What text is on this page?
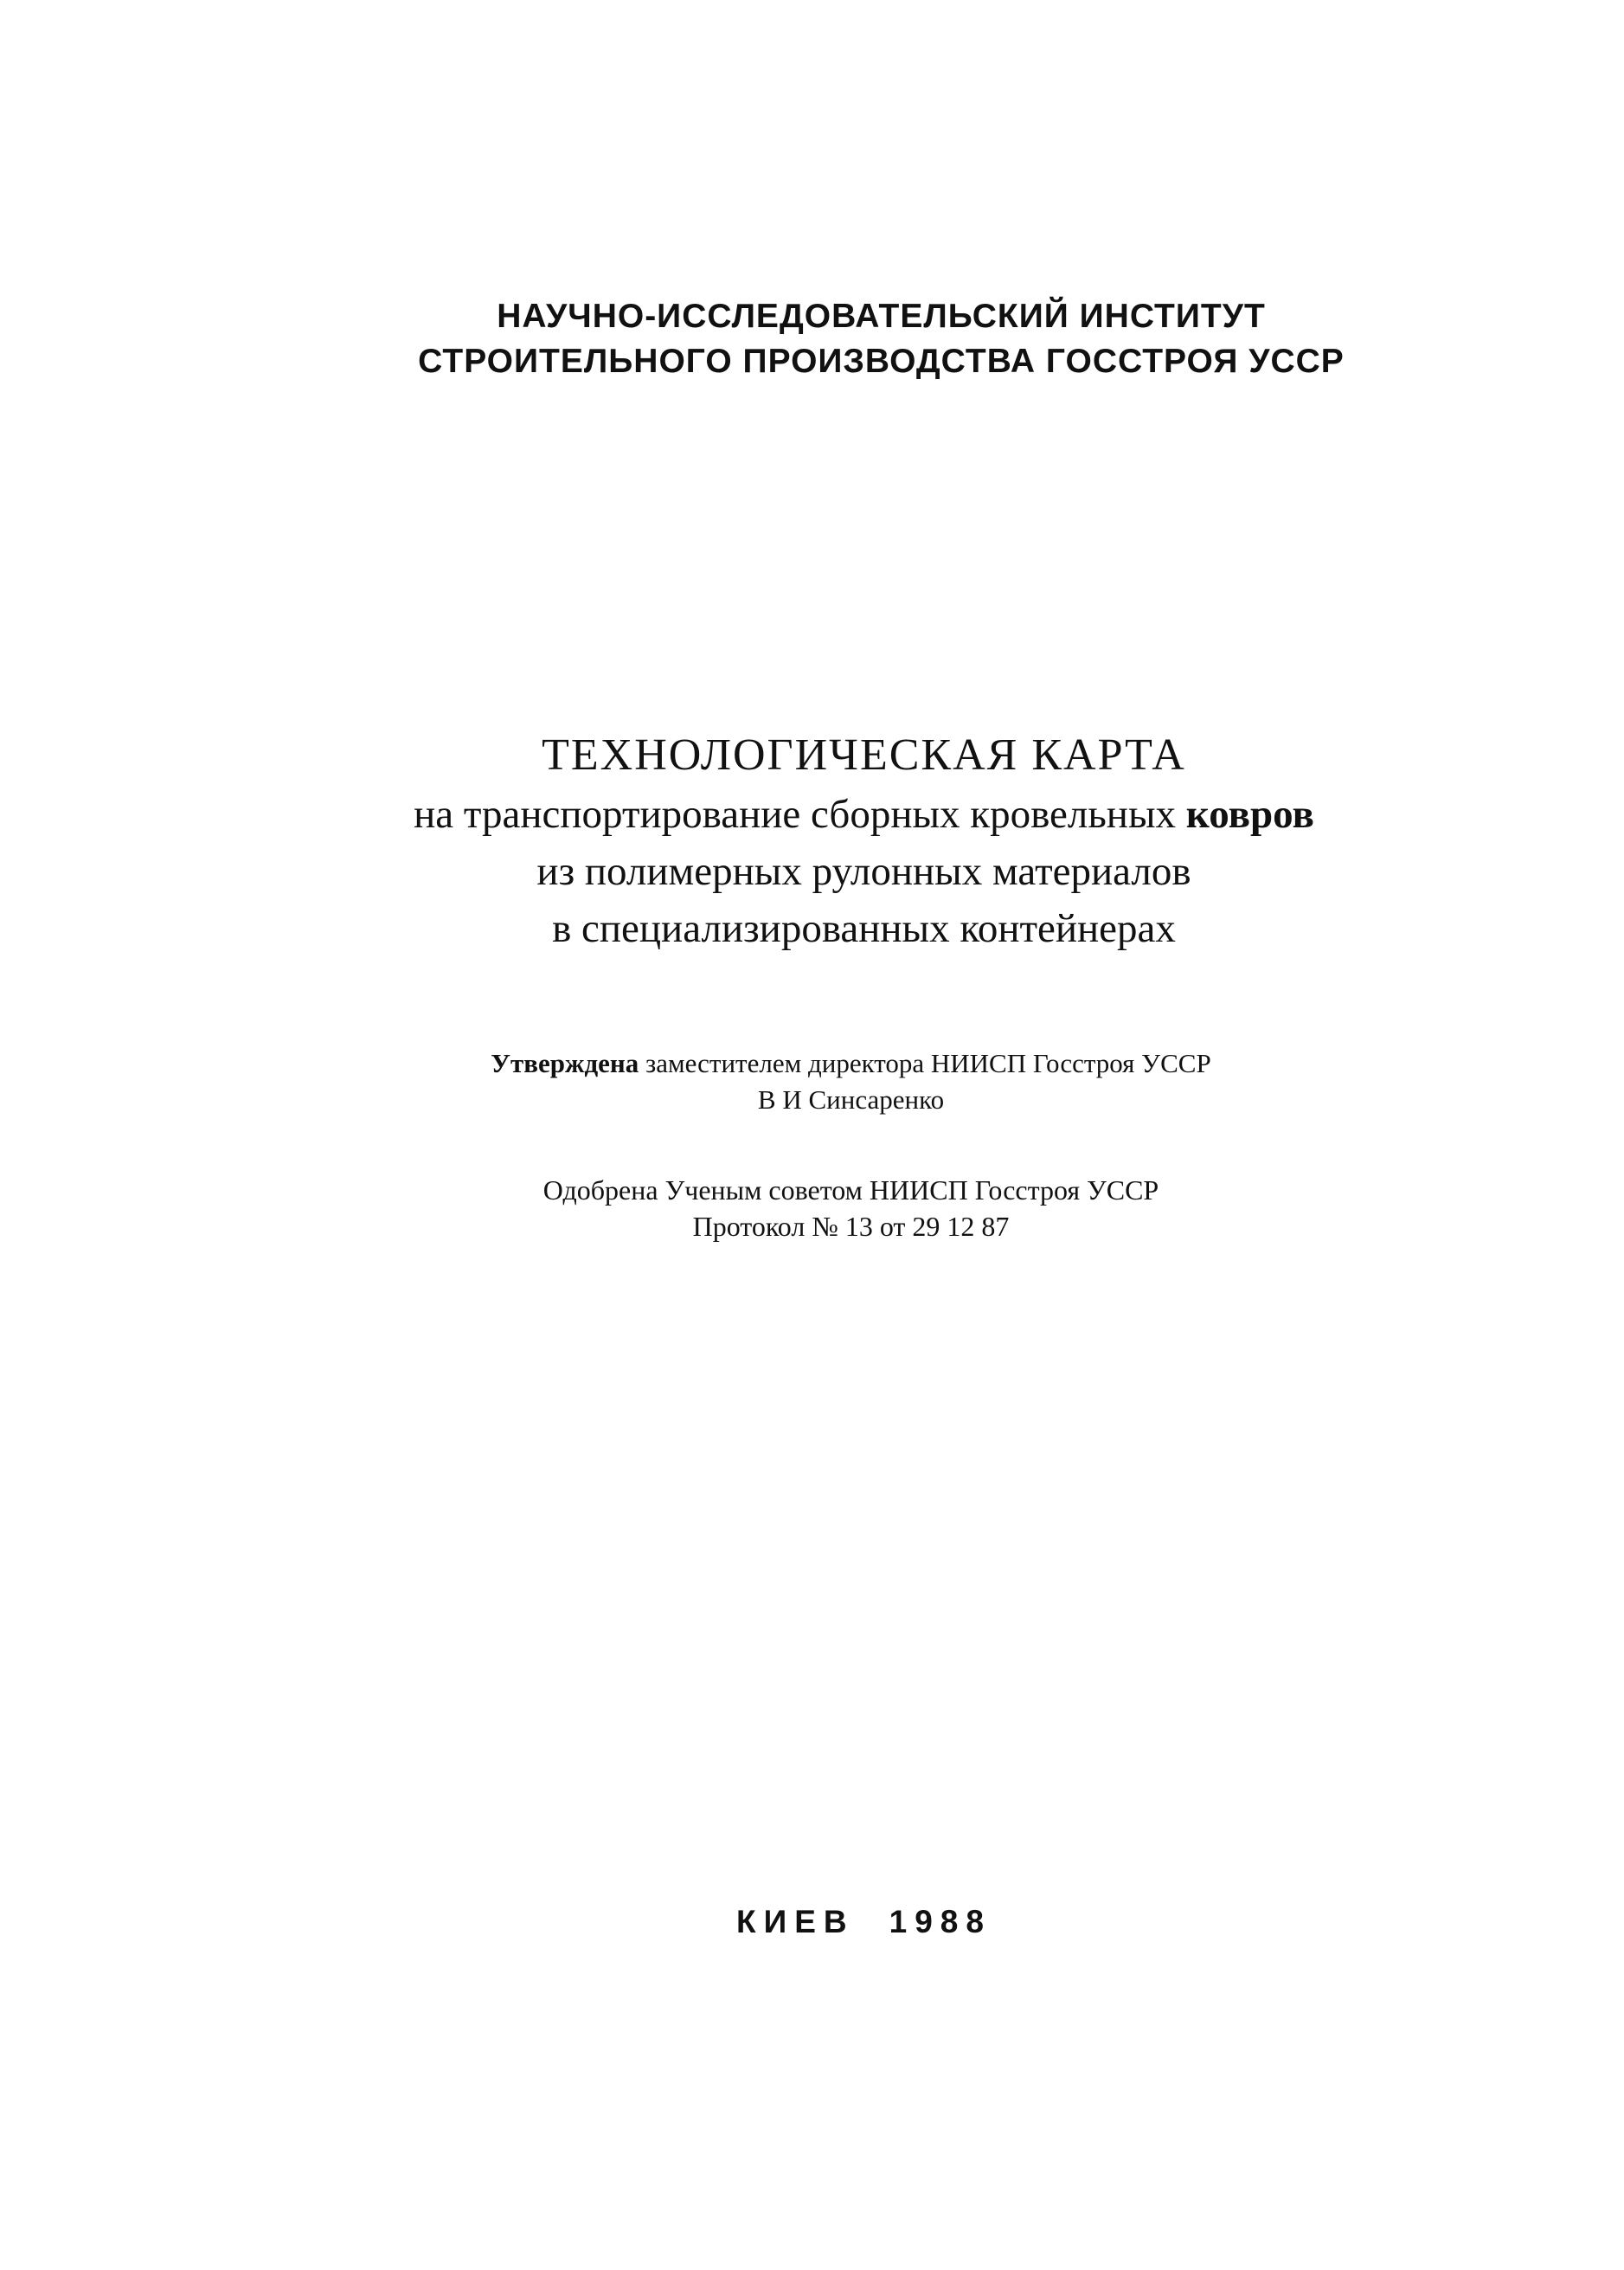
НАУЧНО-ИССЛЕДОВАТЕЛЬСКИЙ ИНСТИТУТ
СТРОИТЕЛЬНОГО ПРОИЗВОДСТВА ГОССТРОЯ УССР
ТЕХНОЛОГИЧЕСКАЯ КАРТА
на транспортирование сборных кровельных ковров
из полимерных рулонных материалов
в специализированных контейнерах
Утверждена заместителем директора НИИСП Госстроя УССР
В И Синсаренко
Одобрена Ученым советом НИИСП Госстроя УССР
Протокол № 13 от 29 12 87
КИЕВ 1988
